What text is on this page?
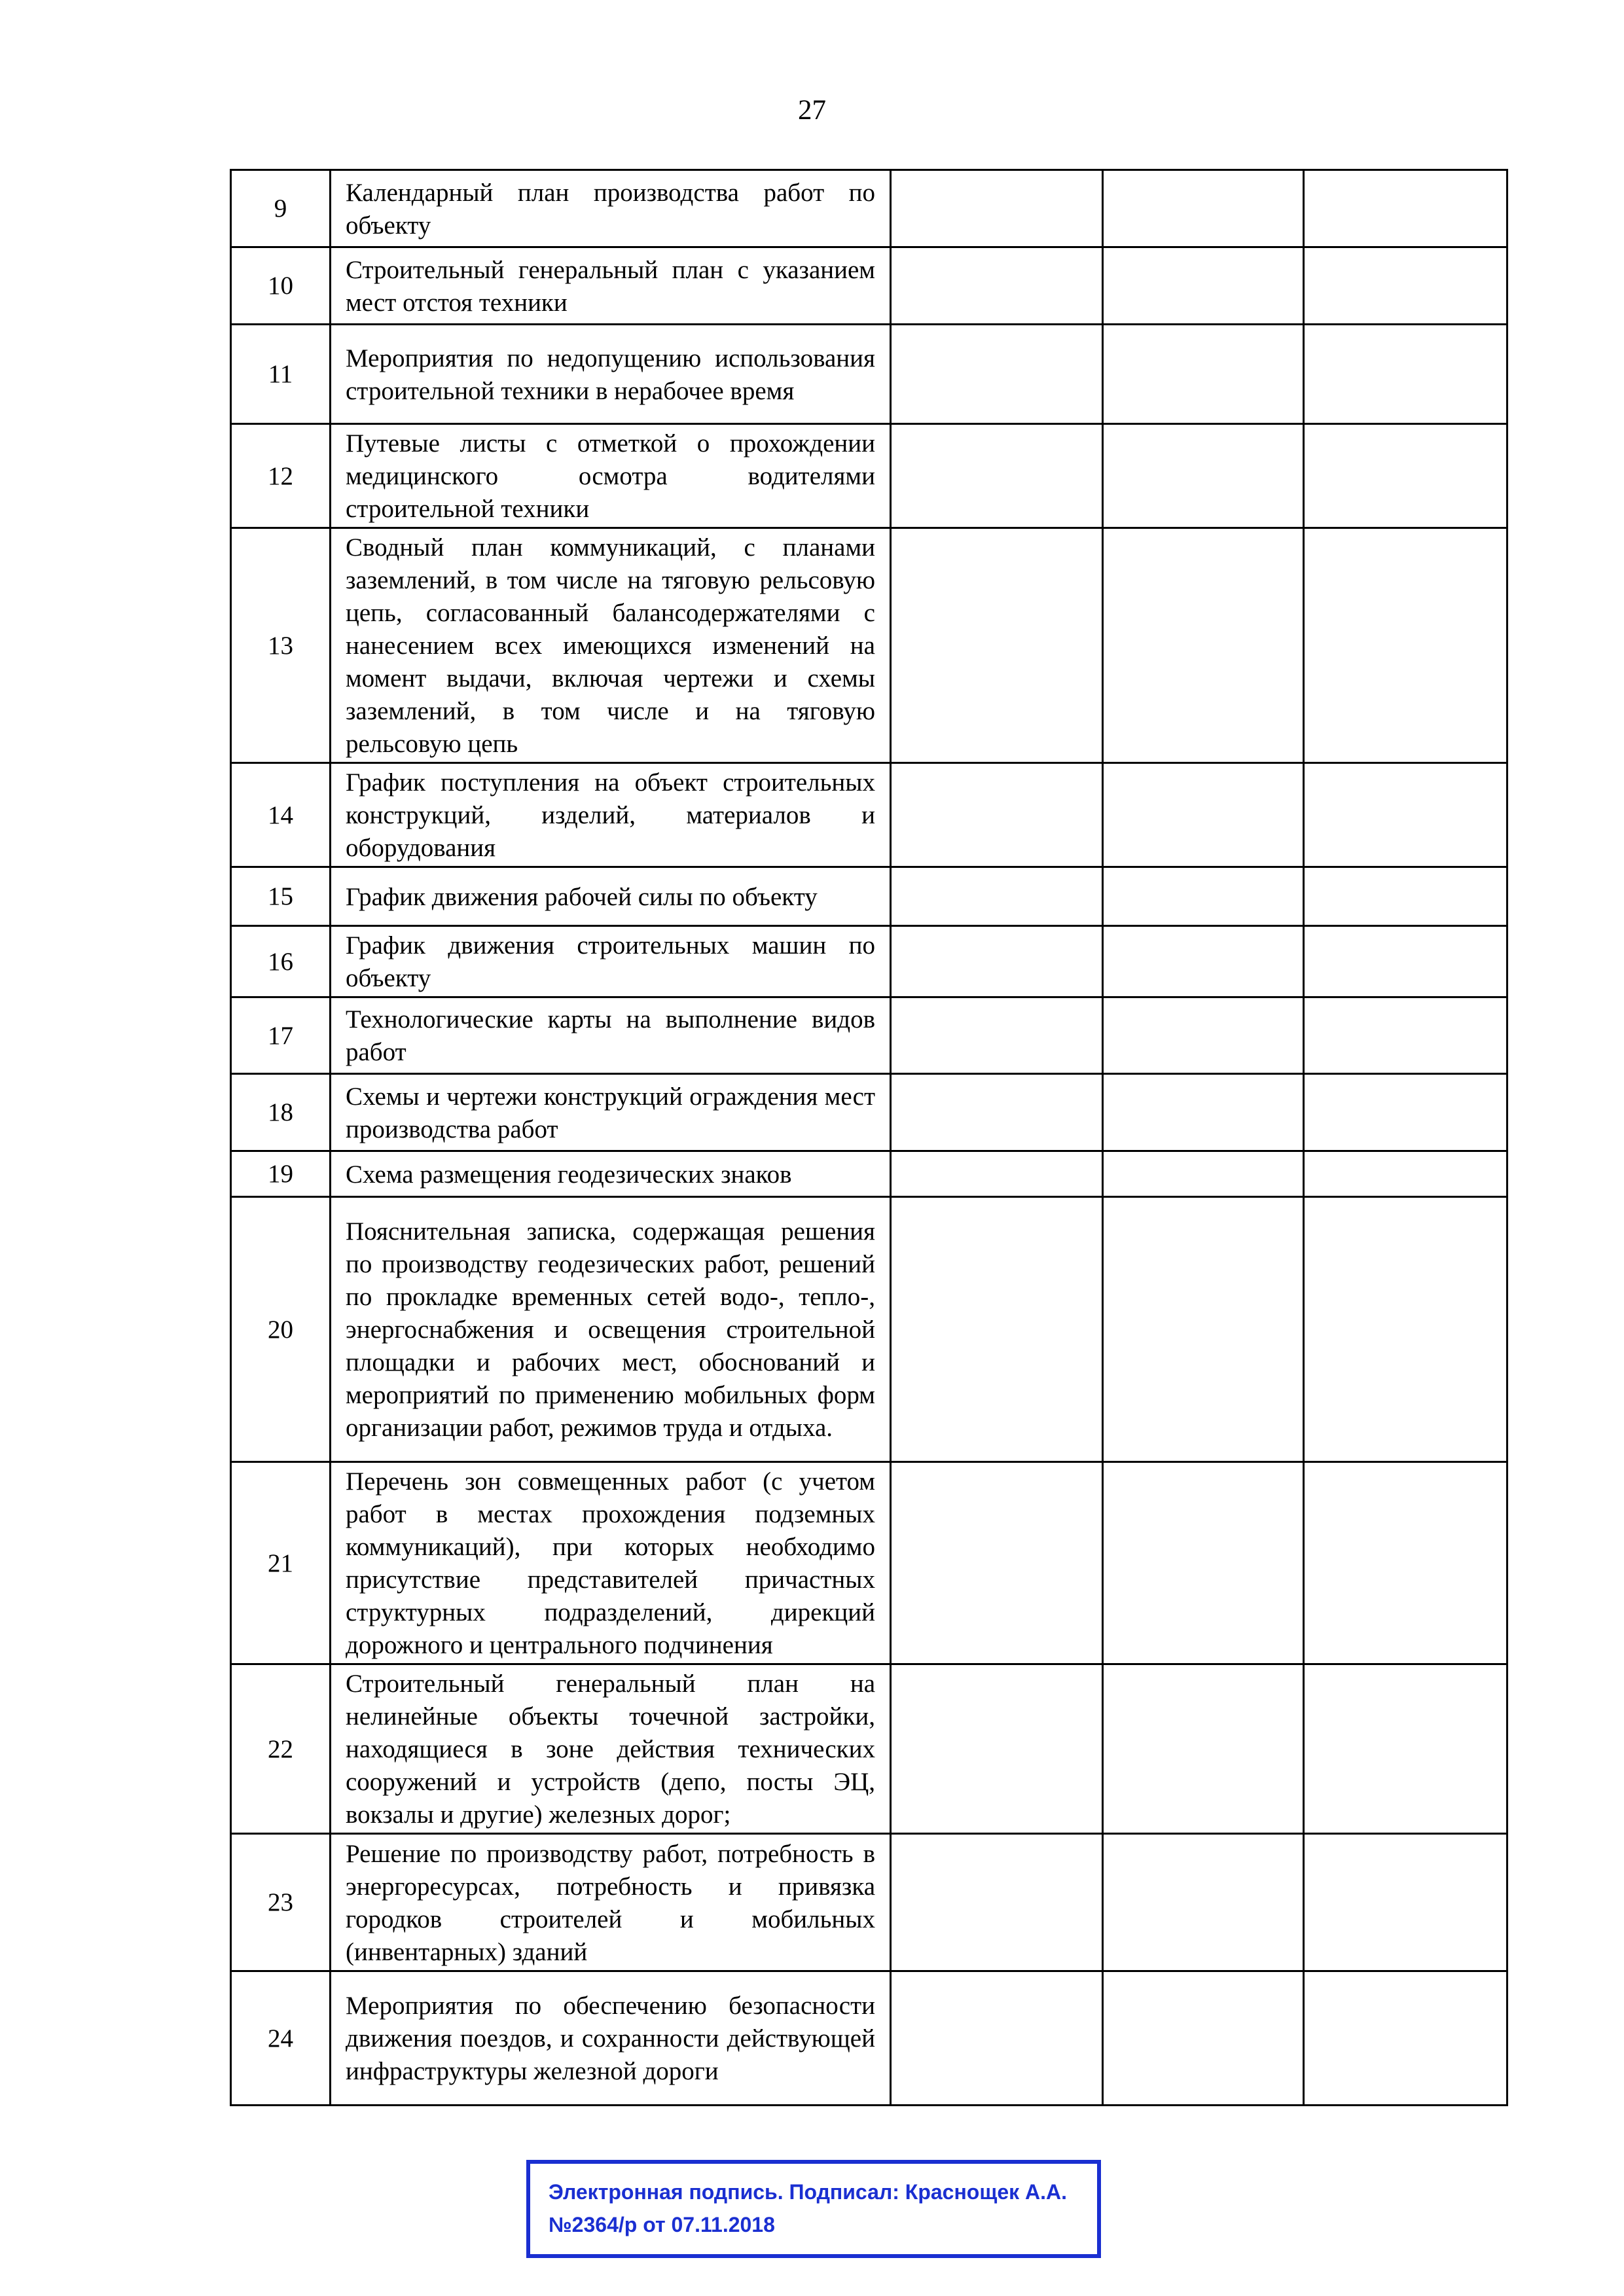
27
9	Календарный план производства работ по объекту			
10	Строительный генеральный план с указанием мест отстоя техники			
11	Мероприятия по недопущению использования строительной техники в нерабочее время			
12	Путевые листы с отметкой о прохождении медицинского осмотра водителями строительной техники			
13	Сводный план коммуникаций, с планами заземлений, в том числе на тяговую рельсовую цепь, согласованный балансодержателями с нанесением всех имеющихся изменений на момент выдачи, включая чертежи и схемы заземлений, в том числе и на тяговую рельсовую цепь			
14	График поступления на объект строительных конструкций, изделий, материалов и оборудования			
15	График движения рабочей силы по объекту			
16	График движения строительных машин по объекту			
17	Технологические карты на выполнение видов работ			
18	Схемы и чертежи конструкций ограждения мест производства работ			
19	Схема размещения геодезических знаков			
20	Пояснительная записка, содержащая решения по производству геодезических работ, решений по прокладке временных сетей водо-, тепло-, энергоснабжения и освещения строительной площадки и рабочих мест, обоснований и мероприятий по применению мобильных форм организации работ, режимов труда и отдыха.			
21	Перечень зон совмещенных работ (с учетом работ в местах прохождения подземных коммуникаций), при которых необходимо присутствие представителей причастных структурных подразделений, дирекций дорожного и центрального подчинения			
22	Строительный генеральный план на нелинейные объекты точечной застройки, находящиеся в зоне действия технических сооружений и устройств (депо, посты ЭЦ, вокзалы и другие) железных дорог;			
23	Решение по производству работ, потребность в энергоресурсах, потребность и привязка городков строителей и мобильных (инвентарных) зданий			
24	Мероприятия по обеспечению безопасности движения поездов, и сохранности действующей инфраструктуры железной дороги			
Электронная подпись. Подписал: Краснощек А.А.
№2364/р от 07.11.2018
